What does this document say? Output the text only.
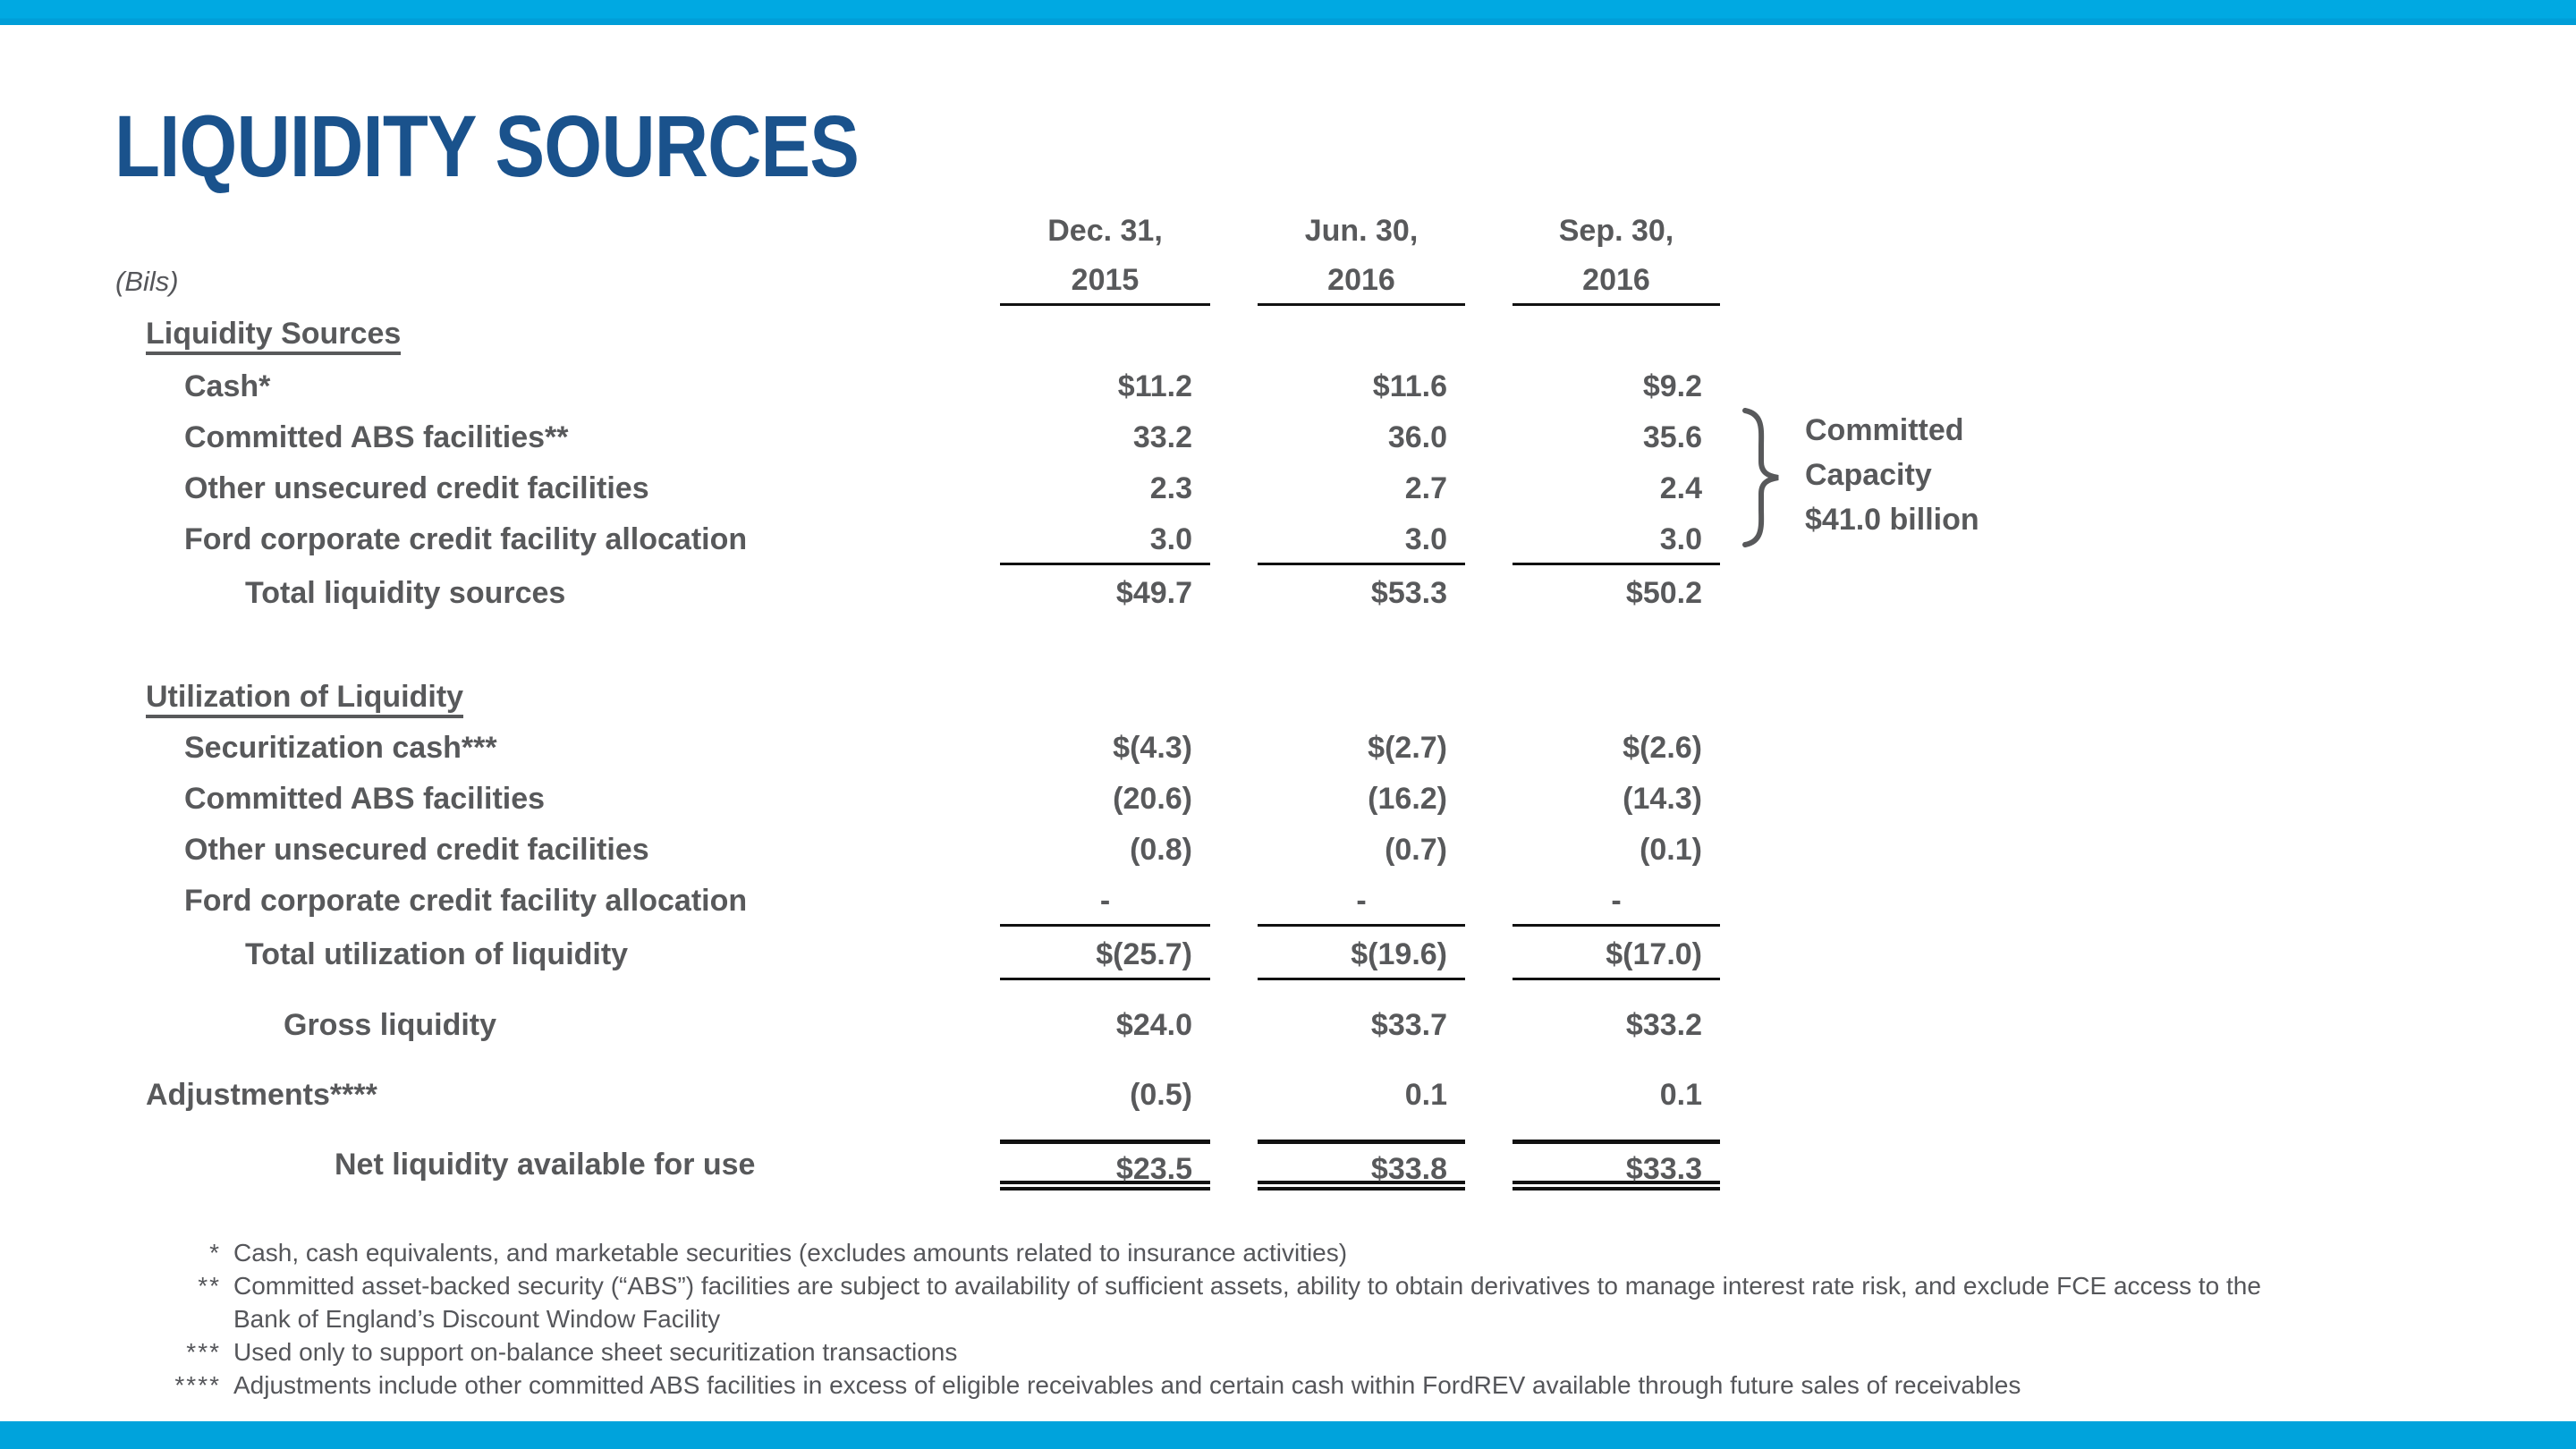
LIQUIDITY SOURCES
(Bils)
Dec. 31,	Jun. 30,	Sep. 30,
2015	2016	2016
Liquidity Sources
Cash*	$11.2	$11.6	$9.2
Committed ABS facilities**	33.2	36.0	35.6
Other unsecured credit facilities	2.3	2.7	2.4
Ford corporate credit facility allocation	3.0	3.0	3.0
Total liquidity sources	$49.7	$53.3	$50.2
Utilization of Liquidity
Securitization cash***	$(4.3)	$(2.7)	$(2.6)
Committed ABS facilities	(20.6)	(16.2)	(14.3)
Other unsecured credit facilities	(0.8)	(0.7)	(0.1)
Ford corporate credit facility allocation	-	-	-
Total utilization of liquidity	$(25.7)	$(19.6)	$(17.0)
Gross liquidity	$24.0	$33.7	$33.2
Adjustments****	(0.5)	0.1	0.1
Net liquidity available for use	$23.5	$33.8	$33.3
Committed
Capacity
$41.0 billion
* Cash, cash equivalents, and marketable securities (excludes amounts related to insurance activities)
** Committed asset-backed security (“ABS”) facilities are subject to availability of sufficient assets, ability to obtain derivatives to manage interest rate risk, and exclude FCE access to the
Bank of England’s Discount Window Facility
*** Used only to support on-balance sheet securitization transactions
**** Adjustments include other committed ABS facilities in excess of eligible receivables and certain cash within FordREV available through future sales of receivables
